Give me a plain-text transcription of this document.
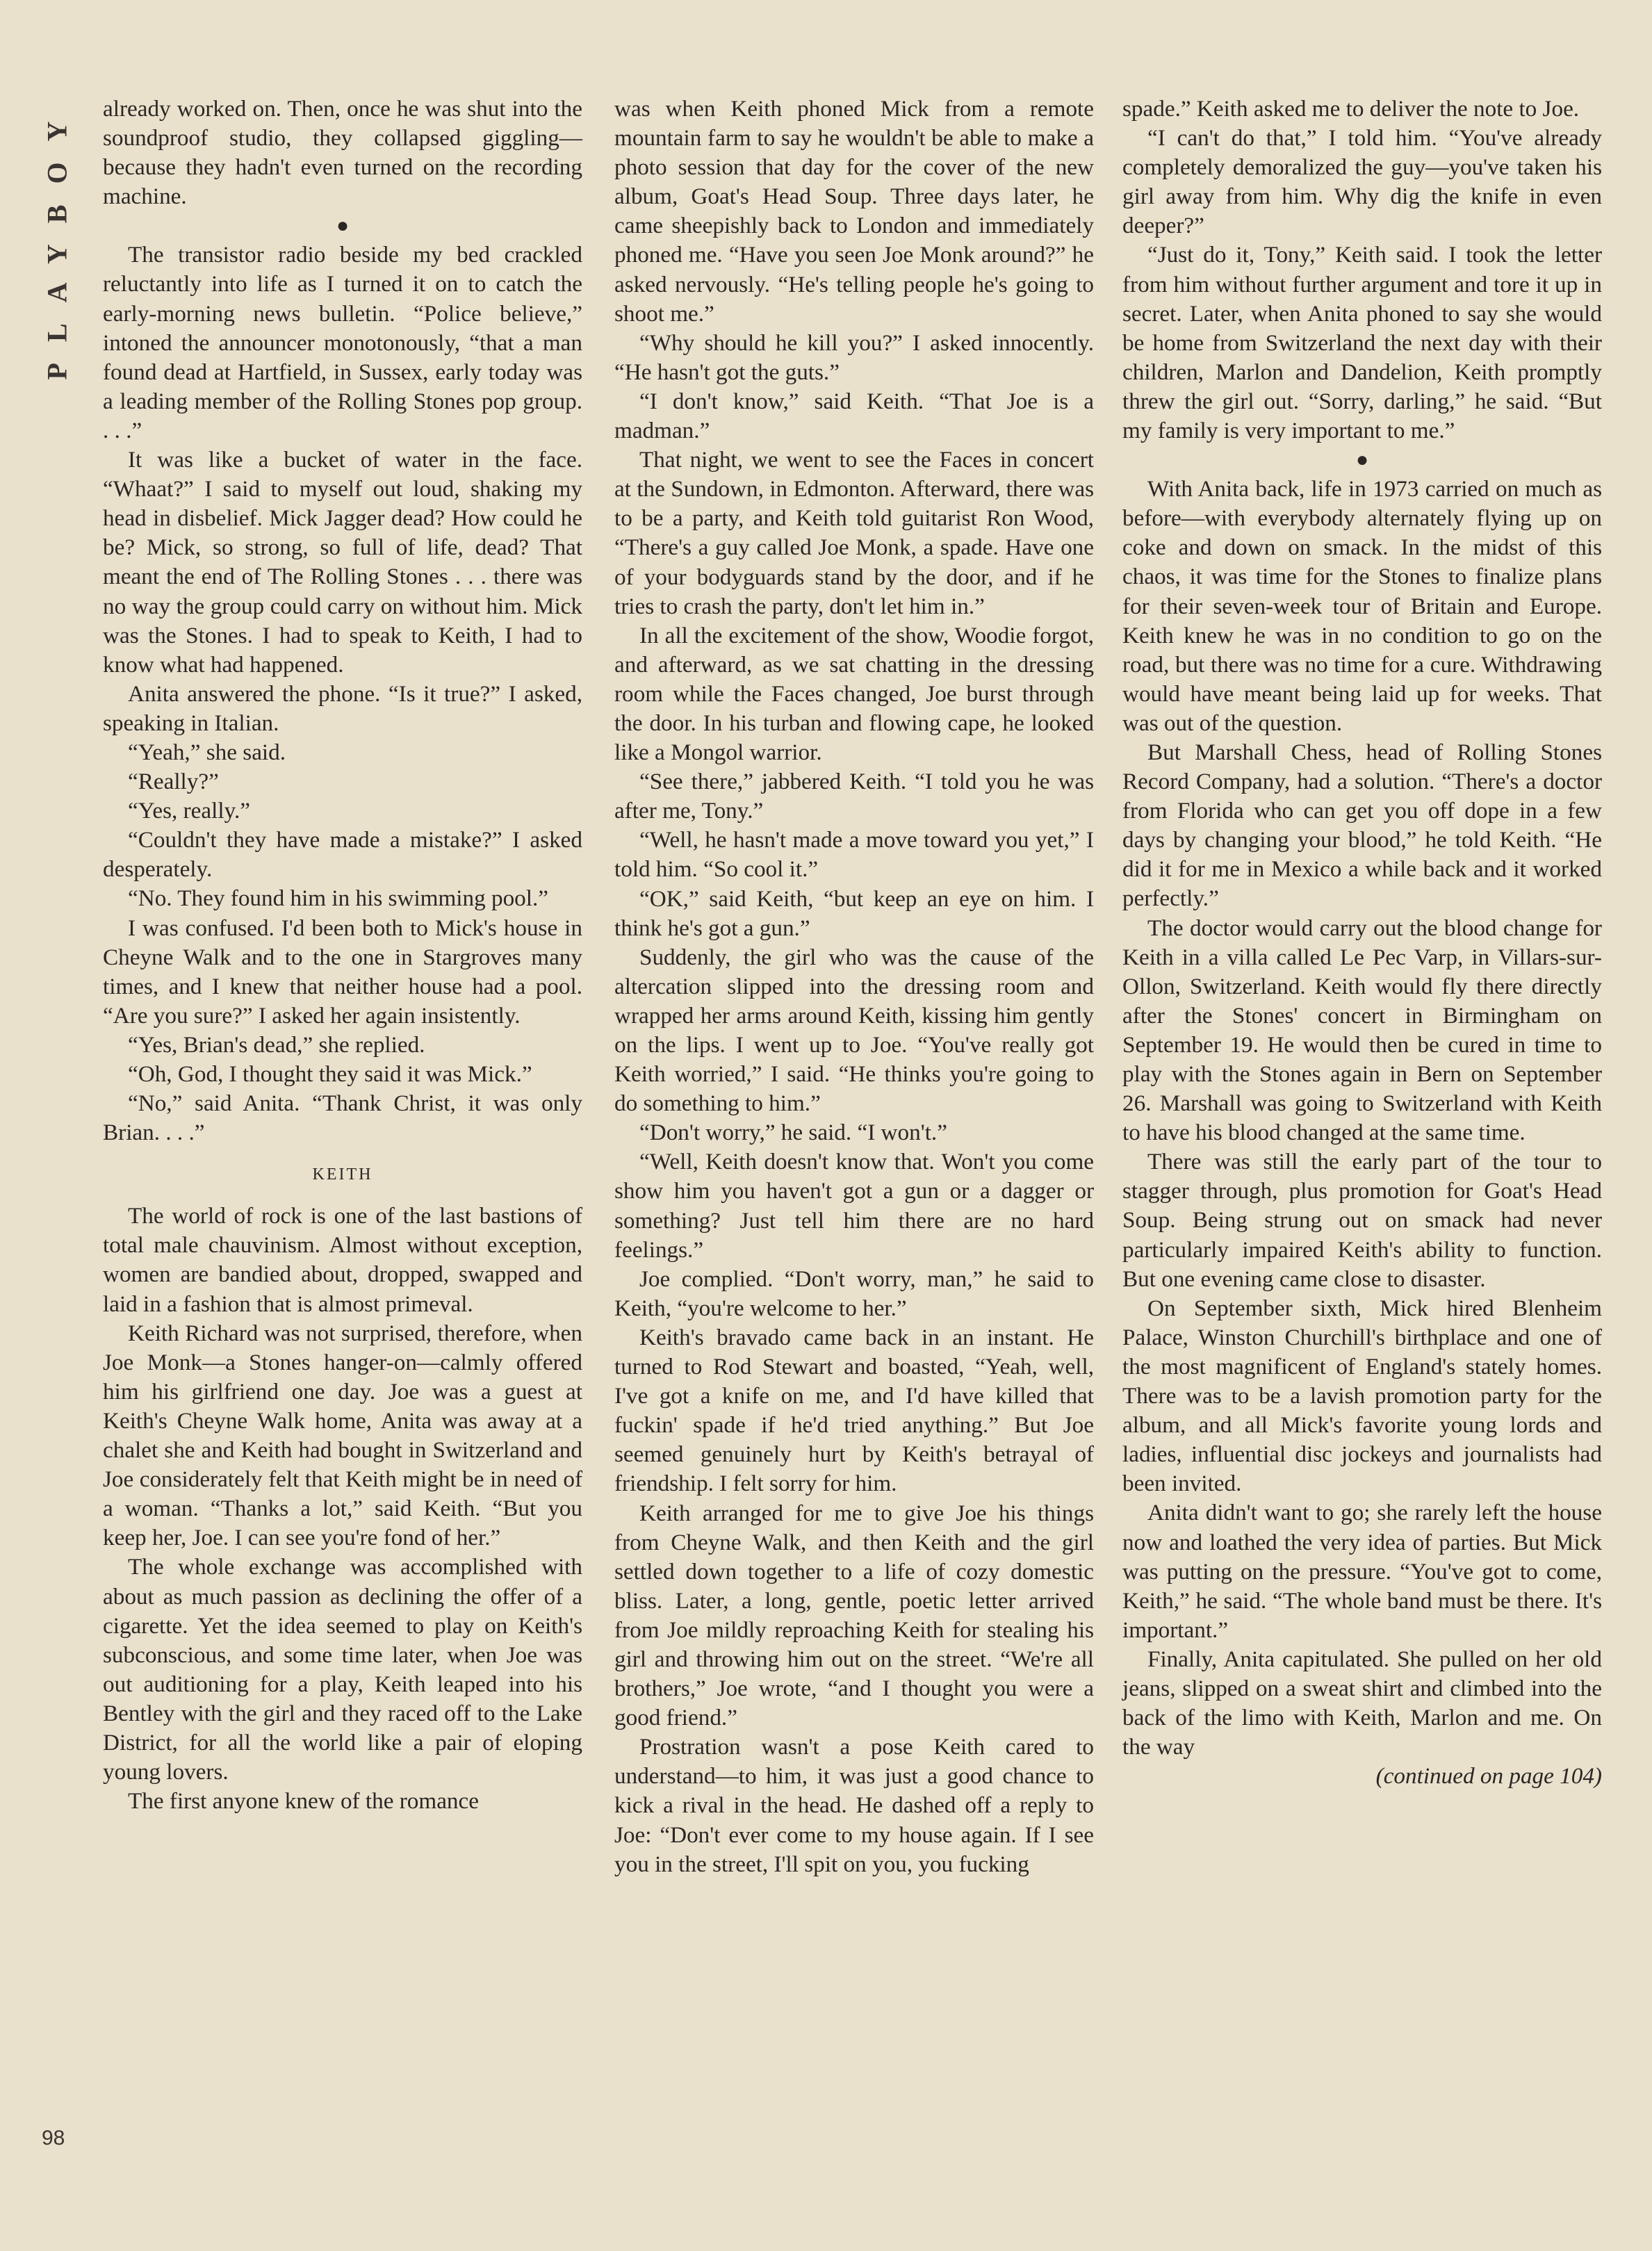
PLAYBOY already worked on. Then, once he was shut into the soundproof studio, they collapsed giggling—because they hadn't even turned on the recording machine.

●

The transistor radio beside my bed crackled reluctantly into life as I turned it on to catch the early-morning news bulletin. “Police believe,” intoned the announcer monotonously, “that a man found dead at Hartfield, in Sussex, early today was a leading member of the Rolling Stones pop group. . . .”

It was like a bucket of water in the face. “Whaat?” I said to myself out loud, shaking my head in disbelief. Mick Jagger dead? How could he be? Mick, so strong, so full of life, dead? That meant the end of The Rolling Stones . . . there was no way the group could carry on without him. Mick was the Stones. I had to speak to Keith, I had to know what had happened.

Anita answered the phone. “Is it true?” I asked, speaking in Italian.

“Yeah,” she said.

“Really?”

“Yes, really.”

“Couldn't they have made a mistake?” I asked desperately.

“No. They found him in his swimming pool.”

I was confused. I'd been both to Mick's house in Cheyne Walk and to the one in Stargroves many times, and I knew that neither house had a pool. “Are you sure?” I asked her again insistently.

“Yes, Brian's dead,” she replied.

“Oh, God, I thought they said it was Mick.”

“No,” said Anita. “Thank Christ, it was only Brian. . . .”

KEITH

The world of rock is one of the last bastions of total male chauvinism. Almost without exception, women are bandied about, dropped, swapped and laid in a fashion that is almost primeval.

Keith Richard was not surprised, therefore, when Joe Monk—a Stones hanger-on—calmly offered him his girlfriend one day. Joe was a guest at Keith's Cheyne Walk home, Anita was away at a chalet she and Keith had bought in Switzerland and Joe considerately felt that Keith might be in need of a woman. “Thanks a lot,” said Keith. “But you keep her, Joe. I can see you're fond of her.”

The whole exchange was accomplished with about as much passion as declining the offer of a cigarette. Yet the idea seemed to play on Keith's subconscious, and some time later, when Joe was out auditioning for a play, Keith leaped into his Bentley with the girl and they raced off to the Lake District, for all the world like a pair of eloping young lovers.

The first anyone knew of the romance

was when Keith phoned Mick from a remote mountain farm to say he wouldn't be able to make a photo session that day for the cover of the new album, Goat's Head Soup. Three days later, he came sheepishly back to London and immediately phoned me. “Have you seen Joe Monk around?” he asked nervously. “He's telling people he's going to shoot me.”

“Why should he kill you?” I asked innocently. “He hasn't got the guts.”

“I don't know,” said Keith. “That Joe is a madman.”

That night, we went to see the Faces in concert at the Sundown, in Edmonton. Afterward, there was to be a party, and Keith told guitarist Ron Wood, “There's a guy called Joe Monk, a spade. Have one of your bodyguards stand by the door, and if he tries to crash the party, don't let him in.”

In all the excitement of the show, Woodie forgot, and afterward, as we sat chatting in the dressing room while the Faces changed, Joe burst through the door. In his turban and flowing cape, he looked like a Mongol warrior.

“See there,” jabbered Keith. “I told you he was after me, Tony.”

“Well, he hasn't made a move toward you yet,” I told him. “So cool it.”

“OK,” said Keith, “but keep an eye on him. I think he's got a gun.”

Suddenly, the girl who was the cause of the altercation slipped into the dressing room and wrapped her arms around Keith, kissing him gently on the lips. I went up to Joe. “You've really got Keith worried,” I said. “He thinks you're going to do something to him.”

“Don't worry,” he said. “I won't.”

“Well, Keith doesn't know that. Won't you come show him you haven't got a gun or a dagger or something? Just tell him there are no hard feelings.”

Joe complied. “Don't worry, man,” he said to Keith, “you're welcome to her.”

Keith's bravado came back in an instant. He turned to Rod Stewart and boasted, “Yeah, well, I've got a knife on me, and I'd have killed that fuckin' spade if he'd tried anything.” But Joe seemed genuinely hurt by Keith's betrayal of friendship. I felt sorry for him.

Keith arranged for me to give Joe his things from Cheyne Walk, and then Keith and the girl settled down together to a life of cozy domestic bliss. Later, a long, gentle, poetic letter arrived from Joe mildly reproaching Keith for stealing his girl and throwing him out on the street. “We're all brothers,” Joe wrote, “and I thought you were a good friend.”

Prostration wasn't a pose Keith cared to understand—to him, it was just a good chance to kick a rival in the head. He dashed off a reply to Joe: “Don't ever come to my house again. If I see you in the street, I'll spit on you, you fucking

spade.” Keith asked me to deliver the note to Joe.

“I can't do that,” I told him. “You've already completely demoralized the guy—you've taken his girl away from him. Why dig the knife in even deeper?”

“Just do it, Tony,” Keith said. I took the letter from him without further argument and tore it up in secret. Later, when Anita phoned to say she would be home from Switzerland the next day with their children, Marlon and Dandelion, Keith promptly threw the girl out. “Sorry, darling,” he said. “But my family is very important to me.”

●

With Anita back, life in 1973 carried on much as before—with everybody alternately flying up on coke and down on smack. In the midst of this chaos, it was time for the Stones to finalize plans for their seven-week tour of Britain and Europe. Keith knew he was in no condition to go on the road, but there was no time for a cure. Withdrawing would have meant being laid up for weeks. That was out of the question.

But Marshall Chess, head of Rolling Stones Record Company, had a solution. “There's a doctor from Florida who can get you off dope in a few days by changing your blood,” he told Keith. “He did it for me in Mexico a while back and it worked perfectly.”

The doctor would carry out the blood change for Keith in a villa called Le Pec Varp, in Villars-sur-Ollon, Switzerland. Keith would fly there directly after the Stones' concert in Birmingham on September 19. He would then be cured in time to play with the Stones again in Bern on September 26. Marshall was going to Switzerland with Keith to have his blood changed at the same time.

There was still the early part of the tour to stagger through, plus promotion for Goat's Head Soup. Being strung out on smack had never particularly impaired Keith's ability to function. But one evening came close to disaster.

On September sixth, Mick hired Blenheim Palace, Winston Churchill's birthplace and one of the most magnificent of England's stately homes. There was to be a lavish promotion party for the album, and all Mick's favorite young lords and ladies, influential disc jockeys and journalists had been invited.

Anita didn't want to go; she rarely left the house now and loathed the very idea of parties. But Mick was putting on the pressure. “You've got to come, Keith,” he said. “The whole band must be there. It's important.”

Finally, Anita capitulated. She pulled on her old jeans, slipped on a sweat shirt and climbed into the back of the limo with Keith, Marlon and me. On the way

(continued on page 104)

98
